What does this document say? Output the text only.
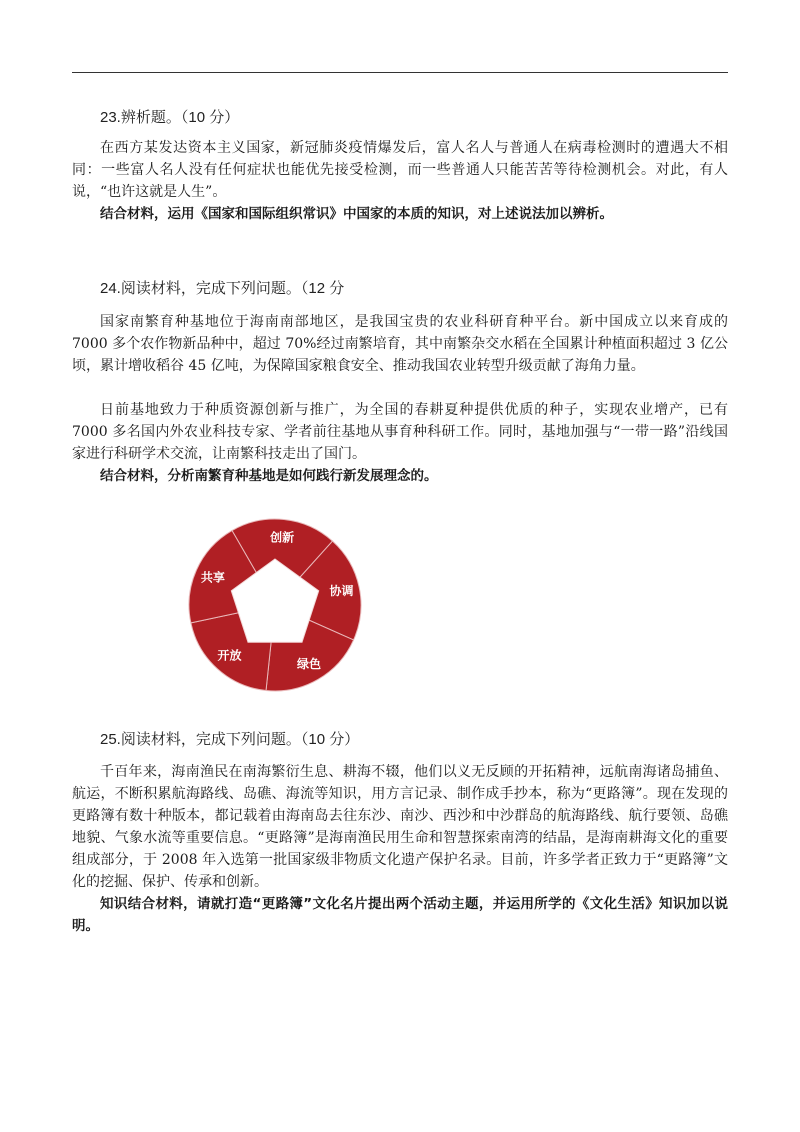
23.辨析题。（10 分）

在西方某发达资本主义国家，新冠肺炎疫情爆发后，富人名人与普通人在病毒检测时的遭遇大不相同：一些富人名人没有任何症状也能优先接受检测，而一些普通人只能苦苦等待检测机会。对此，有人说，“也许这就是人生”。

结合材料，运用《国家和国际组织常识》中国家的本质的知识，对上述说法加以辨析。

24.阅读材料，完成下列问题。（12 分

国家南繁育种基地位于海南南部地区，是我国宝贵的农业科研育种平台。新中国成立以来育成的 7000 多个农作物新品种中，超过 70%经过南繁培育，其中南繁杂交水稻在全国累计种植面积超过 3 亿公顷，累计增收稻谷 45 亿吨，为保障国家粮食安全、推动我国农业转型升级贡献了海角力量。

日前基地致力于种质资源创新与推广，为全国的春耕夏种提供优质的种子，实现农业增产，已有 7000 多名国内外农业科技专家、学者前往基地从事育种科研工作。同时，基地加强与“一带一路”沿线国家进行科研学术交流，让南繁科技走出了国门。

结合材料，分析南繁育种基地是如何践行新发展理念的。

创新
协调
绿色
开放
共享
25.阅读材料，完成下列问题。（10 分）

千百年来，海南渔民在南海繁衍生息、耕海不辍，他们以义无反顾的开拓精神，远航南海诸岛捕鱼、航运，不断积累航海路线、岛礁、海流等知识，用方言记录、制作成手抄本，称为“更路簿”。现在发现的更路簿有数十种版本，都记载着由海南岛去往东沙、南沙、西沙和中沙群岛的航海路线、航行要领、岛礁地貌、气象水流等重要信息。“更路簿”是海南渔民用生命和智慧探索南湾的结晶，是海南耕海文化的重要组成部分，于 2008 年入选第一批国家级非物质文化遗产保护名录。目前，许多学者正致力于“更路簿”文化的挖掘、保护、传承和创新。

知识结合材料，请就打造“更路簿”文化名片提出两个活动主题，并运用所学的《文化生活》知识加以说明。
